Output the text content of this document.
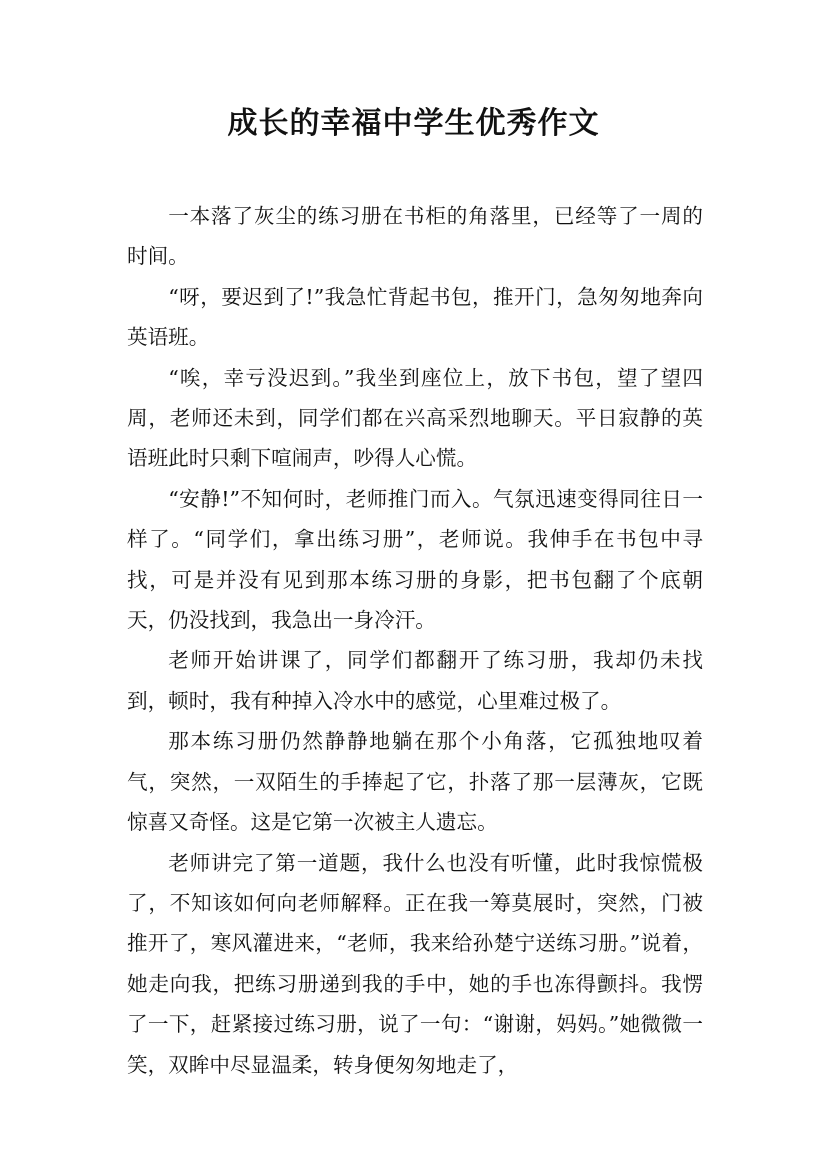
成长的幸福中学生优秀作文

一本落了灰尘的练习册在书柜的角落里，已经等了一周的时间。

“呀，要迟到了!”我急忙背起书包，推开门，急匆匆地奔向英语班。

“唉，幸亏没迟到。”我坐到座位上，放下书包，望了望四周，老师还未到，同学们都在兴高采烈地聊天。平日寂静的英语班此时只剩下喧闹声，吵得人心慌。

“安静!”不知何时，老师推门而入。气氛迅速变得同往日一样了。“同学们，拿出练习册”，老师说。我伸手在书包中寻找，可是并没有见到那本练习册的身影，把书包翻了个底朝天，仍没找到，我急出一身冷汗。

老师开始讲课了，同学们都翻开了练习册，我却仍未找到，顿时，我有种掉入冷水中的感觉，心里难过极了。

那本练习册仍然静静地躺在那个小角落，它孤独地叹着气，突然，一双陌生的手捧起了它，扑落了那一层薄灰，它既惊喜又奇怪。这是它第一次被主人遗忘。

老师讲完了第一道题，我什么也没有听懂，此时我惊慌极了，不知该如何向老师解释。正在我一筹莫展时，突然，门被推开了，寒风灌进来，“老师，我来给孙楚宁送练习册。”说着，她走向我，把练习册递到我的手中，她的手也冻得颤抖。我愣了一下，赶紧接过练习册，说了一句：“谢谢，妈妈。”她微微一笑，双眸中尽显温柔，转身便匆匆地走了，
